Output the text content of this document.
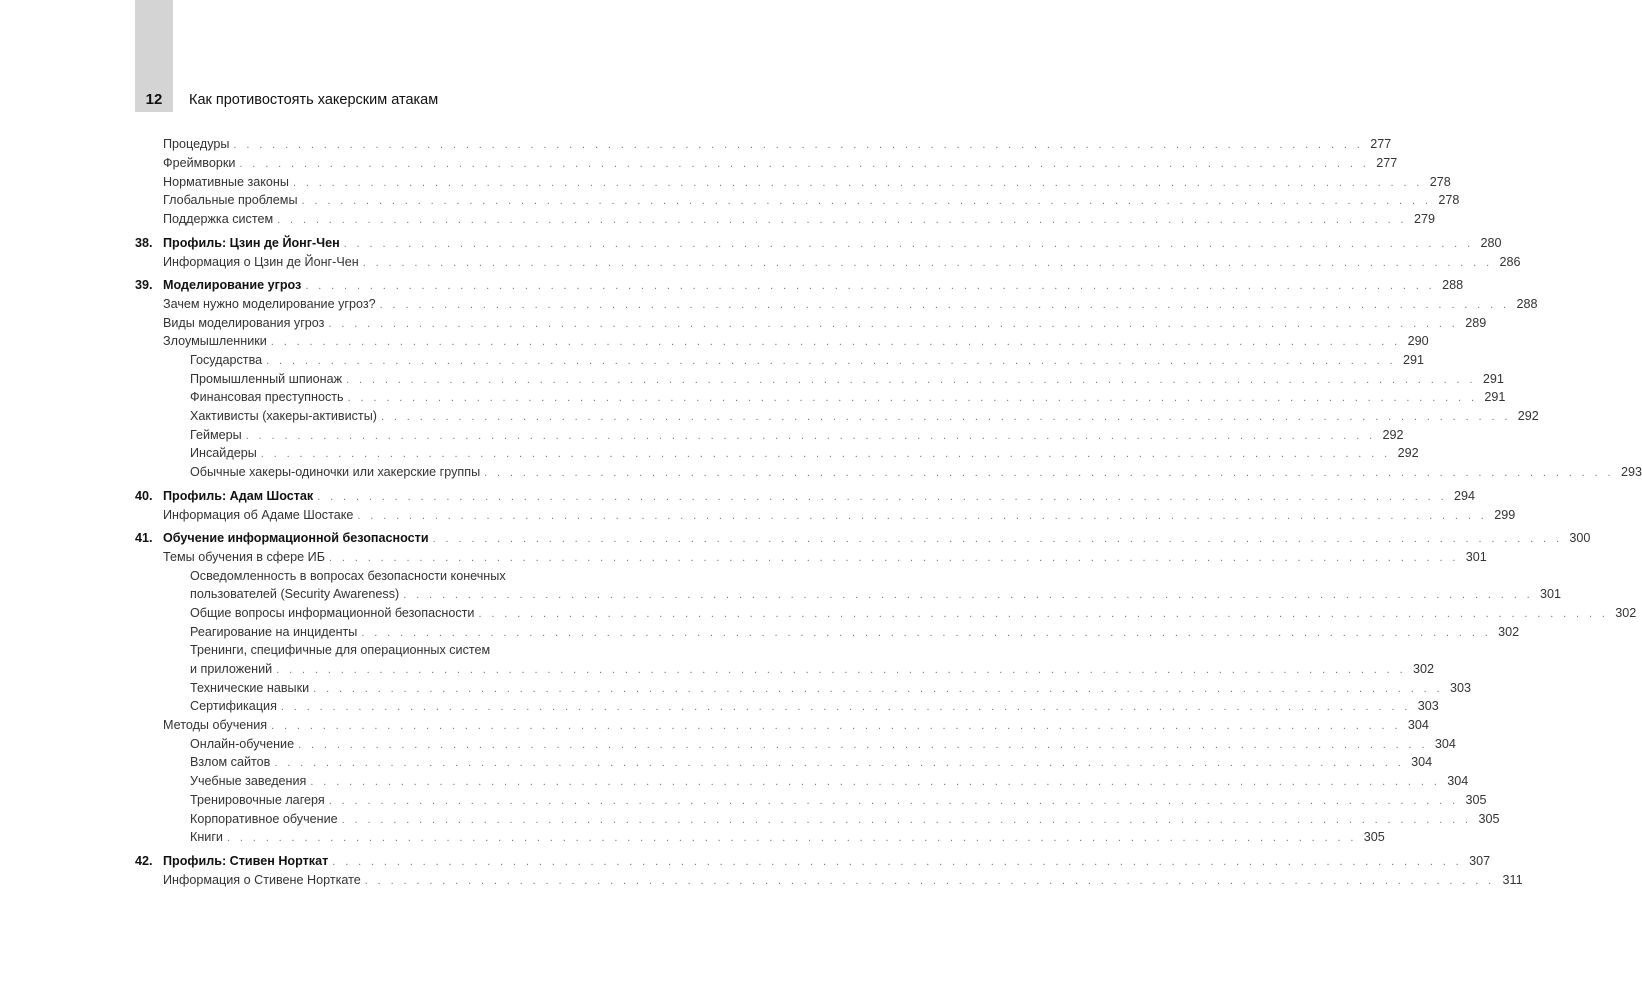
12	Как противостоять хакерским атакам
Процедуры . . . . . . . . . . . . . . . . . . . . . . . . . . . . . . . . . . . . . . . . . . . . . . . . . . . . . . . . . . . . . . . . . . . . . . . . . . . . . . . . . . . . . . . . 277
Фреймворки . . . . . . . . . . . . . . . . . . . . . . . . . . . . . . . . . . . . . . . . . . . . . . . . . . . . . . . . . . . . . . . . . . . . . . . . . . . . . . . . . . . . . . . . 277
Нормативные законы . . . . . . . . . . . . . . . . . . . . . . . . . . . . . . . . . . . . . . . . . . . . . . . . . . . . . . . . . . . . . . . . . . . . . . . . . . . . . . . . . . . . . . . . 278
Глобальные проблемы . . . . . . . . . . . . . . . . . . . . . . . . . . . . . . . . . . . . . . . . . . . . . . . . . . . . . . . . . . . . . . . . . . . . . . . . . . . . . . . . . . . . . . . . 278
Поддержка систем . . . . . . . . . . . . . . . . . . . . . . . . . . . . . . . . . . . . . . . . . . . . . . . . . . . . . . . . . . . . . . . . . . . . . . . . . . . . . . . . . . . . . . . . 279
38. Профиль: Цзин де Йонг-Чен . . . . . . . . . . . . . . . . . . . . . . . . . . . . . . . . . . . . . . . . . . . . . . . . . . . . . . . . . . . . . . . . . . . . . . . . . . . . . . . . . . . . . . . . 280
Информация о Цзин де Йонг-Чен . . . . . . . . . . . . . . . . . . . . . . . . . . . . . . . . . . . . . . . . . . . . . . . . . . . . . . . . . . . . . . . . . . . . . . . . . . . . . . . . . . . . . . . . 286
39. Моделирование угроз . . . . . . . . . . . . . . . . . . . . . . . . . . . . . . . . . . . . . . . . . . . . . . . . . . . . . . . . . . . . . . . . . . . . . . . . . . . . . . . . . . . . . . . . 288
Зачем нужно моделирование угроз? . . . . . . . . . . . . . . . . . . . . . . . . . . . . . . . . . . . . . . . . . . . . . . . . . . . . . . . . . . . . . . . . . . . . . . . . . . . . . . . . . . . . . . . . 288
Виды моделирования угроз . . . . . . . . . . . . . . . . . . . . . . . . . . . . . . . . . . . . . . . . . . . . . . . . . . . . . . . . . . . . . . . . . . . . . . . . . . . . . . . . . . . . . . . . 289
Злоумышленники . . . . . . . . . . . . . . . . . . . . . . . . . . . . . . . . . . . . . . . . . . . . . . . . . . . . . . . . . . . . . . . . . . . . . . . . . . . . . . . . . . . . . . . . 290
Государства . . . . . . . . . . . . . . . . . . . . . . . . . . . . . . . . . . . . . . . . . . . . . . . . . . . . . . . . . . . . . . . . . . . . . . . . . . . . . . . . . . . . . . . . 291
Промышленный шпионаж . . . . . . . . . . . . . . . . . . . . . . . . . . . . . . . . . . . . . . . . . . . . . . . . . . . . . . . . . . . . . . . . . . . . . . . . . . . . . . . . . . . . . . . . 291
Финансовая преступность . . . . . . . . . . . . . . . . . . . . . . . . . . . . . . . . . . . . . . . . . . . . . . . . . . . . . . . . . . . . . . . . . . . . . . . . . . . . . . . . . . . . . . . . 291
Хактивисты (хакеры-активисты) . . . . . . . . . . . . . . . . . . . . . . . . . . . . . . . . . . . . . . . . . . . . . . . . . . . . . . . . . . . . . . . . . . . . . . . . . . . . . . . . . . . . . . . . 292
Геймеры . . . . . . . . . . . . . . . . . . . . . . . . . . . . . . . . . . . . . . . . . . . . . . . . . . . . . . . . . . . . . . . . . . . . . . . . . . . . . . . . . . . . . . . . 292
Инсайдеры . . . . . . . . . . . . . . . . . . . . . . . . . . . . . . . . . . . . . . . . . . . . . . . . . . . . . . . . . . . . . . . . . . . . . . . . . . . . . . . . . . . . . . . . 292
Обычные хакеры-одиночки или хакерские группы . . . . . . . . . . . . . . . . . . . . . . . . . . . . . . . . . . . . . . . . . . . . . . . . . . . . . . . . . . . . . . . . . . . . . . . . . . . . . . . . . . . . . . . . 293
40. Профиль: Адам Шостак . . . . . . . . . . . . . . . . . . . . . . . . . . . . . . . . . . . . . . . . . . . . . . . . . . . . . . . . . . . . . . . . . . . . . . . . . . . . . . . . . . . . . . . . 294
Информация об Адаме Шостаке . . . . . . . . . . . . . . . . . . . . . . . . . . . . . . . . . . . . . . . . . . . . . . . . . . . . . . . . . . . . . . . . . . . . . . . . . . . . . . . . . . . . . . . . 299
41. Обучение информационной безопасности . . . . . . . . . . . . . . . . . . . . . . . . . . . . . . . . . . . . . . . . . . . . . . . . . . . . . . . . . . . . . . . . . . . . . . . . . . . . . . . . . . . . . . . . 300
Темы обучения в сфере ИБ . . . . . . . . . . . . . . . . . . . . . . . . . . . . . . . . . . . . . . . . . . . . . . . . . . . . . . . . . . . . . . . . . . . . . . . . . . . . . . . . . . . . . . . . 301
Осведомленность в вопросах безопасности конечных
пользователей (Security Awareness) . . . . . . . . . . . . . . . . . . . . . . . . . . . . . . . . . . . . . . . . . . . . . . . . . . . . . . . . . . . . . . . . . . . . . . . . . . . . . . . . . . . . . . . . 301
Общие вопросы информационной безопасности . . . . . . . . . . . . . . . . . . . . . . . . . . . . . . . . . . . . . . . . . . . . . . . . . . . . . . . . . . . . . . . . . . . . . . . . . . . . . . . . . . . . . . . . 302
Реагирование на инциденты . . . . . . . . . . . . . . . . . . . . . . . . . . . . . . . . . . . . . . . . . . . . . . . . . . . . . . . . . . . . . . . . . . . . . . . . . . . . . . . . . . . . . . . . 302
Тренинги, специфичные для операционных систем
и приложений . . . . . . . . . . . . . . . . . . . . . . . . . . . . . . . . . . . . . . . . . . . . . . . . . . . . . . . . . . . . . . . . . . . . . . . . . . . . . . . . . . . . . . . . 302
Технические навыки . . . . . . . . . . . . . . . . . . . . . . . . . . . . . . . . . . . . . . . . . . . . . . . . . . . . . . . . . . . . . . . . . . . . . . . . . . . . . . . . . . . . . . . . 303
Сертификация . . . . . . . . . . . . . . . . . . . . . . . . . . . . . . . . . . . . . . . . . . . . . . . . . . . . . . . . . . . . . . . . . . . . . . . . . . . . . . . . . . . . . . . . 303
Методы обучения . . . . . . . . . . . . . . . . . . . . . . . . . . . . . . . . . . . . . . . . . . . . . . . . . . . . . . . . . . . . . . . . . . . . . . . . . . . . . . . . . . . . . . . . 304
Онлайн-обучение . . . . . . . . . . . . . . . . . . . . . . . . . . . . . . . . . . . . . . . . . . . . . . . . . . . . . . . . . . . . . . . . . . . . . . . . . . . . . . . . . . . . . . . . 304
Взлом сайтов . . . . . . . . . . . . . . . . . . . . . . . . . . . . . . . . . . . . . . . . . . . . . . . . . . . . . . . . . . . . . . . . . . . . . . . . . . . . . . . . . . . . . . . . 304
Учебные заведения . . . . . . . . . . . . . . . . . . . . . . . . . . . . . . . . . . . . . . . . . . . . . . . . . . . . . . . . . . . . . . . . . . . . . . . . . . . . . . . . . . . . . . . . 304
Тренировочные лагеря . . . . . . . . . . . . . . . . . . . . . . . . . . . . . . . . . . . . . . . . . . . . . . . . . . . . . . . . . . . . . . . . . . . . . . . . . . . . . . . . . . . . . . . . 305
Корпоративное обучение . . . . . . . . . . . . . . . . . . . . . . . . . . . . . . . . . . . . . . . . . . . . . . . . . . . . . . . . . . . . . . . . . . . . . . . . . . . . . . . . . . . . . . . . 305
Книги . . . . . . . . . . . . . . . . . . . . . . . . . . . . . . . . . . . . . . . . . . . . . . . . . . . . . . . . . . . . . . . . . . . . . . . . . . . . . . . . . . . . . . . . 305
42. Профиль: Стивен Норткат . . . . . . . . . . . . . . . . . . . . . . . . . . . . . . . . . . . . . . . . . . . . . . . . . . . . . . . . . . . . . . . . . . . . . . . . . . . . . . . . . . . . . . . . 307
Информация о Стивене Норткате . . . . . . . . . . . . . . . . . . . . . . . . . . . . . . . . . . . . . . . . . . . . . . . . . . . . . . . . . . . . . . . . . . . . . . . . . . . . . . . . . . . . . . . . 311
